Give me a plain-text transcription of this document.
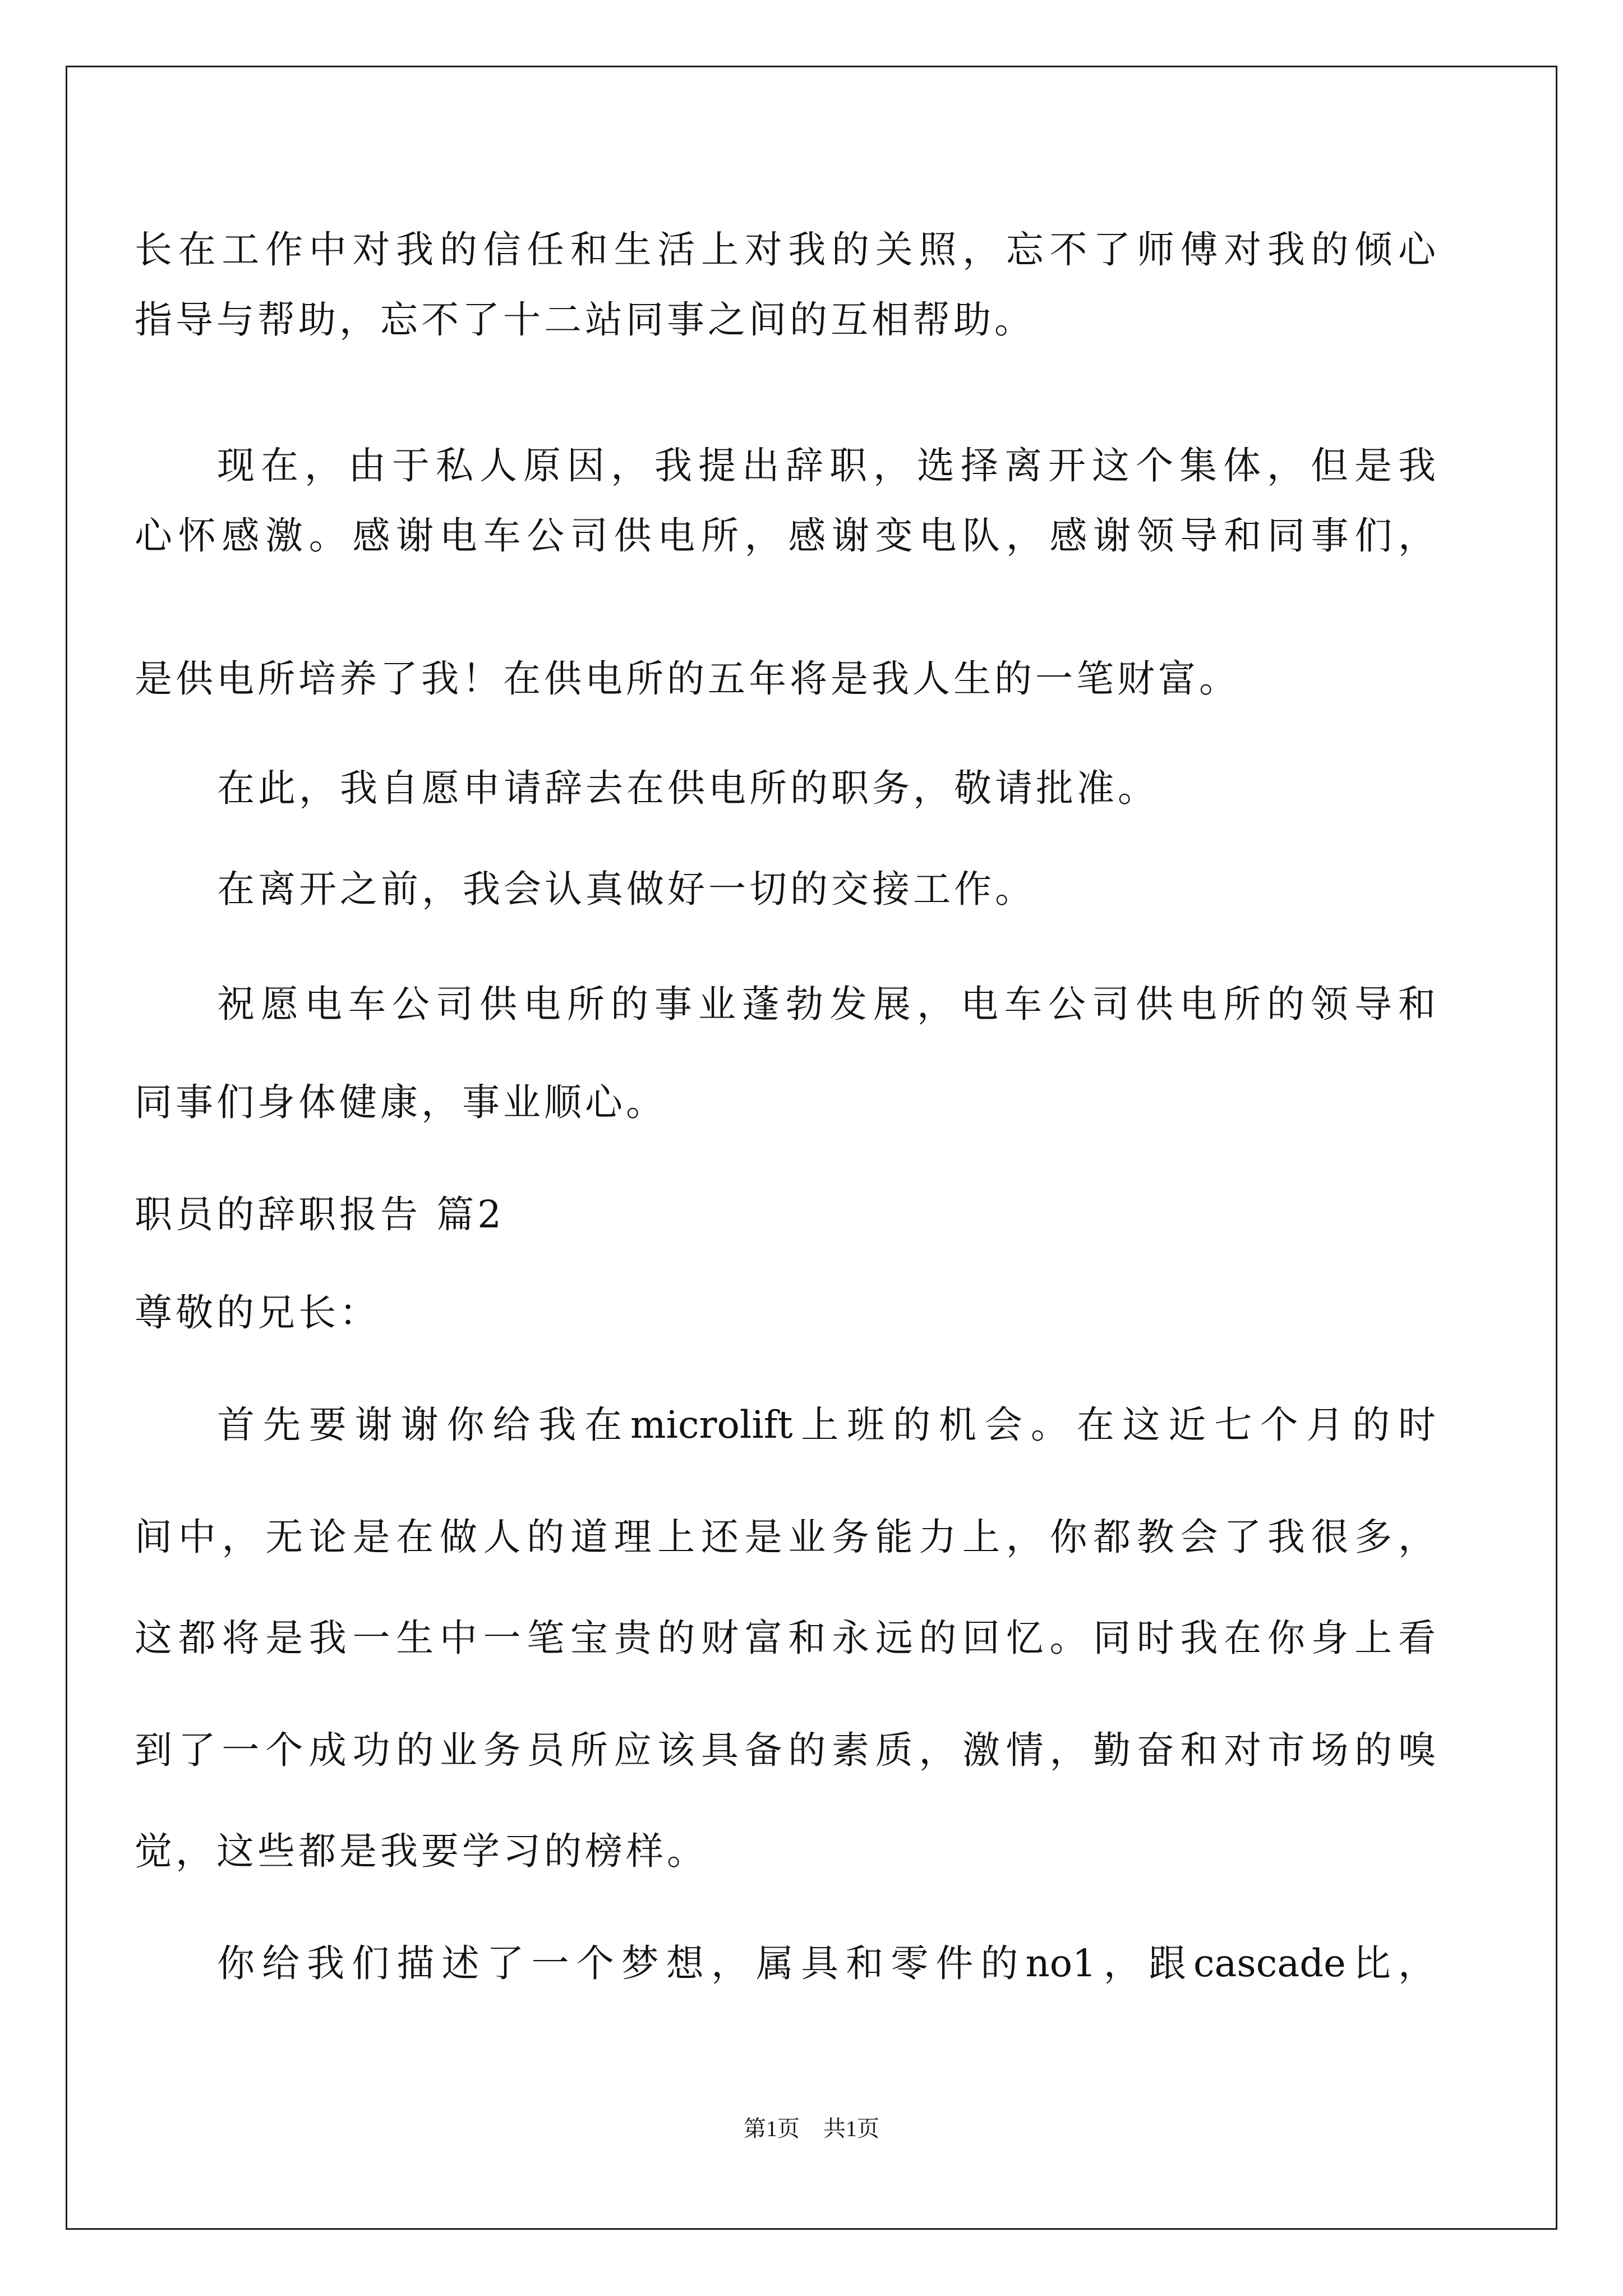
长在工作中对我的信任和生活上对我的关照，忘不了师傅对我的倾心

指导与帮助，忘不了十二站同事之间的互相帮助。

现在，由于私人原因，我提出辞职，选择离开这个集体，但是我

心怀感激。感谢电车公司供电所，感谢变电队，感谢领导和同事们，

是供电所培养了我！在供电所的五年将是我人生的一笔财富。

在此，我自愿申请辞去在供电所的职务，敬请批准。

在离开之前，我会认真做好一切的交接工作。

祝愿电车公司供电所的事业蓬勃发展，电车公司供电所的领导和

同事们身体健康，事业顺心。

职员的辞职报告 篇2

尊敬的兄长：

首先要谢谢你给我在microlift上班的机会。在这近七个月的时

间中，无论是在做人的道理上还是业务能力上，你都教会了我很多，

这都将是我一生中一笔宝贵的财富和永远的回忆。同时我在你身上看

到了一个成功的业务员所应该具备的素质，激情，勤奋和对市场的嗅

觉，这些都是我要学习的榜样。

你给我们描述了一个梦想，属具和零件的no1，跟cascade比，

第1页 共1页
